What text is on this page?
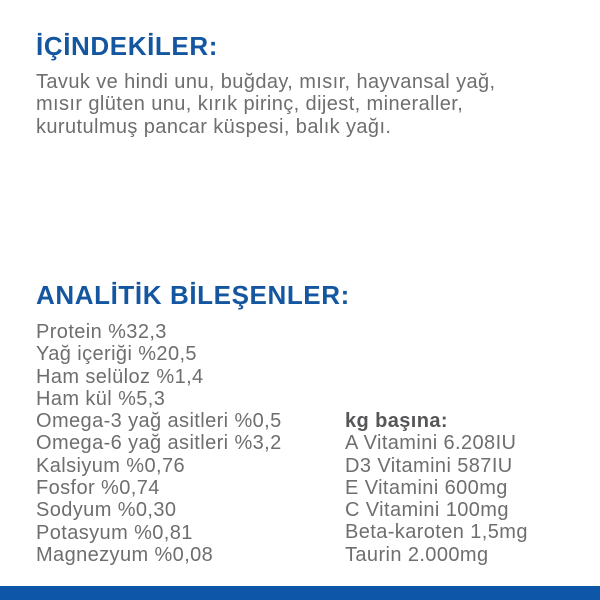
İÇİNDEKİLER:
Tavuk ve hindi unu, buğday, mısır, hayvansal yağ,
mısır glüten unu, kırık pirinç, dijest, mineraller,
kurutulmuş pancar küspesi, balık yağı.
ANALİTİK BİLEŞENLER:
Protein %32,3
Yağ içeriği %20,5
Ham selüloz %1,4
Ham kül %5,3
Omega-3 yağ asitleri %0,5
Omega-6 yağ asitleri %3,2
Kalsiyum %0,76
Fosfor %0,74
Sodyum %0,30
Potasyum %0,81
Magnezyum %0,08
kg başına:
A Vitamini 6.208IU
D3 Vitamini 587IU
E Vitamini 600mg
C Vitamini 100mg
Beta-karoten 1,5mg
Taurin 2.000mg
